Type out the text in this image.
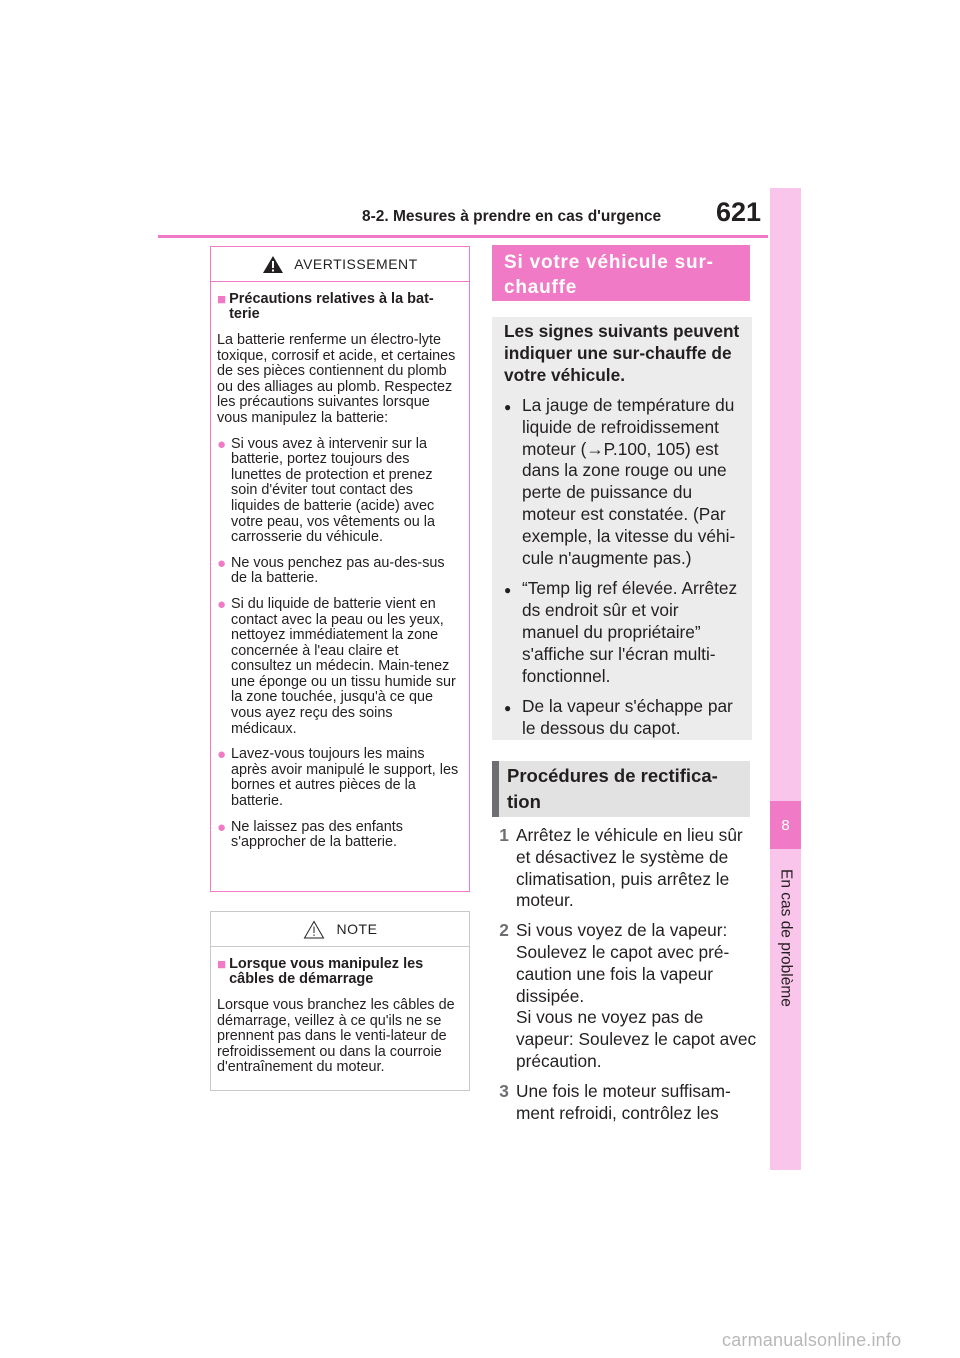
8-2. Mesures à prendre en cas d'urgence 621
8
En cas de problème
AVERTISSEMENT
■ Précautions relatives à la bat-terie
La batterie renferme un électro-lyte toxique, corrosif et acide, et certaines de ses pièces contiennent du plomb ou des alliages au plomb. Respectez les précautions suivantes lorsque vous manipulez la batterie:
● Si vous avez à intervenir sur la batterie, portez toujours des lunettes de protection et prenez soin d'éviter tout contact des liquides de batterie (acide) avec votre peau, vos vêtements ou la carrosserie du véhicule.
● Ne vous penchez pas au-des-sus de la batterie.
● Si du liquide de batterie vient en contact avec la peau ou les yeux, nettoyez immédiatement la zone concernée à l'eau claire et consultez un médecin. Main-tenez une éponge ou un tissu humide sur la zone touchée, jusqu'à ce que vous ayez reçu des soins médicaux.
● Lavez-vous toujours les mains après avoir manipulé le support, les bornes et autres pièces de la batterie.
● Ne laissez pas des enfants s'approcher de la batterie.
NOTE
■ Lorsque vous manipulez les câbles de démarrage
Lorsque vous branchez les câbles de démarrage, veillez à ce qu'ils ne se prennent pas dans le venti-lateur de refroidissement ou dans la courroie d'entraînement du moteur.
Si votre véhicule sur-chauffe
Les signes suivants peuvent indiquer une sur-chauffe de votre véhicule.
● La jauge de température du liquide de refroidissement moteur (→P.100, 105) est dans la zone rouge ou une perte de puissance du moteur est constatée. (Par exemple, la vitesse du véhi-cule n'augmente pas.)
● “Temp lig ref élevée. Arrêtez ds endroit sûr et voir manuel du propriétaire” s'affiche sur l'écran multi-fonctionnel.
● De la vapeur s'échappe par le dessous du capot.
Procédures de rectifica-tion
1 Arrêtez le véhicule en lieu sûr et désactivez le système de climatisation, puis arrêtez le moteur.
2 Si vous voyez de la vapeur: Soulevez le capot avec pré-caution une fois la vapeur dissipée.
Si vous ne voyez pas de vapeur: Soulevez le capot avec précaution.
3 Une fois le moteur suffisam-ment refroidi, contrôlez les
carmanualsonline.info
